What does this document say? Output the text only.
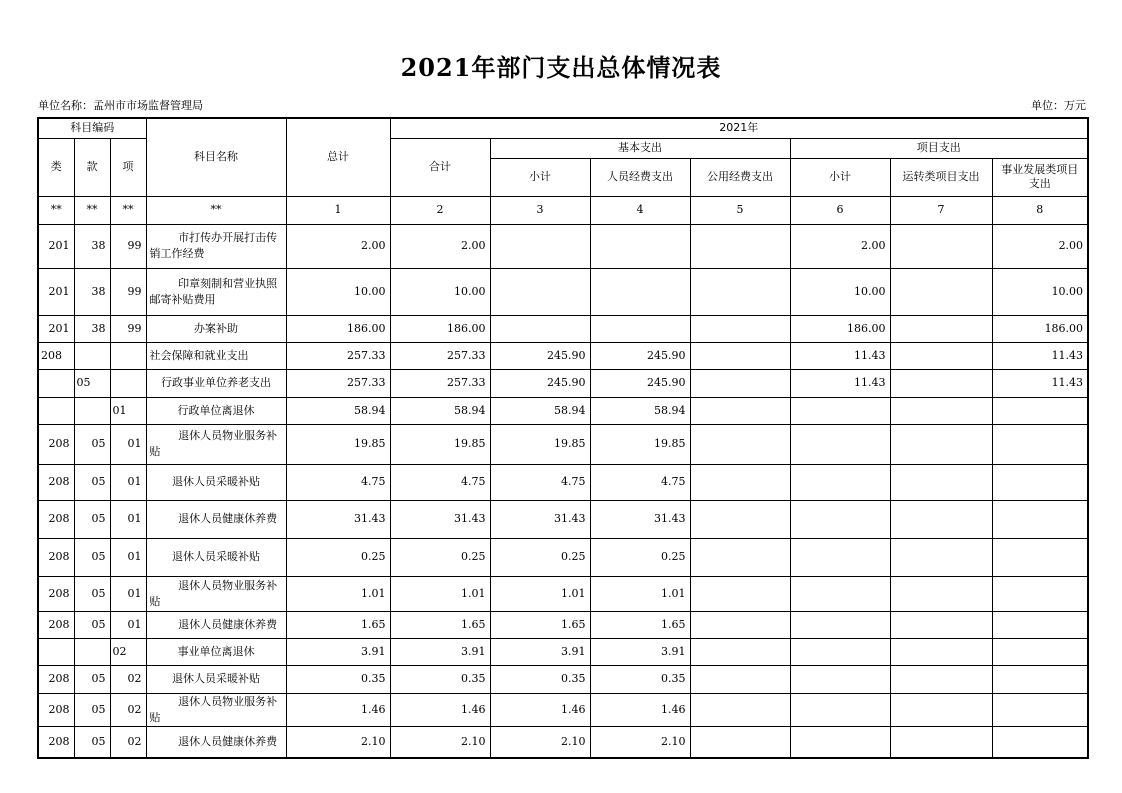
2021年部门支出总体情况表
单位名称：孟州市市场监督管理局	单位：万元
科目编码			科目名称	总计	2021年						
类	款	项			合计	基本支出			项目支出		
						小计	人员经费支出	公用经费支出	小计	运转类项目支出	事业发展类项目支出
**	**	**	**	1	2	3	4	5	6	7	8
201	38	99	市打传办开展打击传销工作经费	2.00	2.00				2.00		2.00
201	38	99	印章刻制和营业执照邮寄补贴费用	10.00	10.00				10.00		10.00
201	38	99	办案补助	186.00	186.00				186.00		186.00
208			社会保障和就业支出	257.33	257.33	245.90	245.90		11.43		11.43
	05		行政事业单位养老支出	257.33	257.33	245.90	245.90		11.43		11.43
		01	行政单位离退休	58.94	58.94	58.94	58.94				
208	05	01	退休人员物业服务补贴	19.85	19.85	19.85	19.85				
208	05	01	退休人员采暖补贴	4.75	4.75	4.75	4.75				
208	05	01	退休人员健康休养费	31.43	31.43	31.43	31.43				
208	05	01	退休人员采暖补贴	0.25	0.25	0.25	0.25				
208	05	01	退休人员物业服务补贴	1.01	1.01	1.01	1.01				
208	05	01	退休人员健康休养费	1.65	1.65	1.65	1.65				
		02	事业单位离退休	3.91	3.91	3.91	3.91				
208	05	02	退休人员采暖补贴	0.35	0.35	0.35	0.35				
208	05	02	退休人员物业服务补贴	1.46	1.46	1.46	1.46				
208	05	02	退休人员健康休养费	2.10	2.10	2.10	2.10				
